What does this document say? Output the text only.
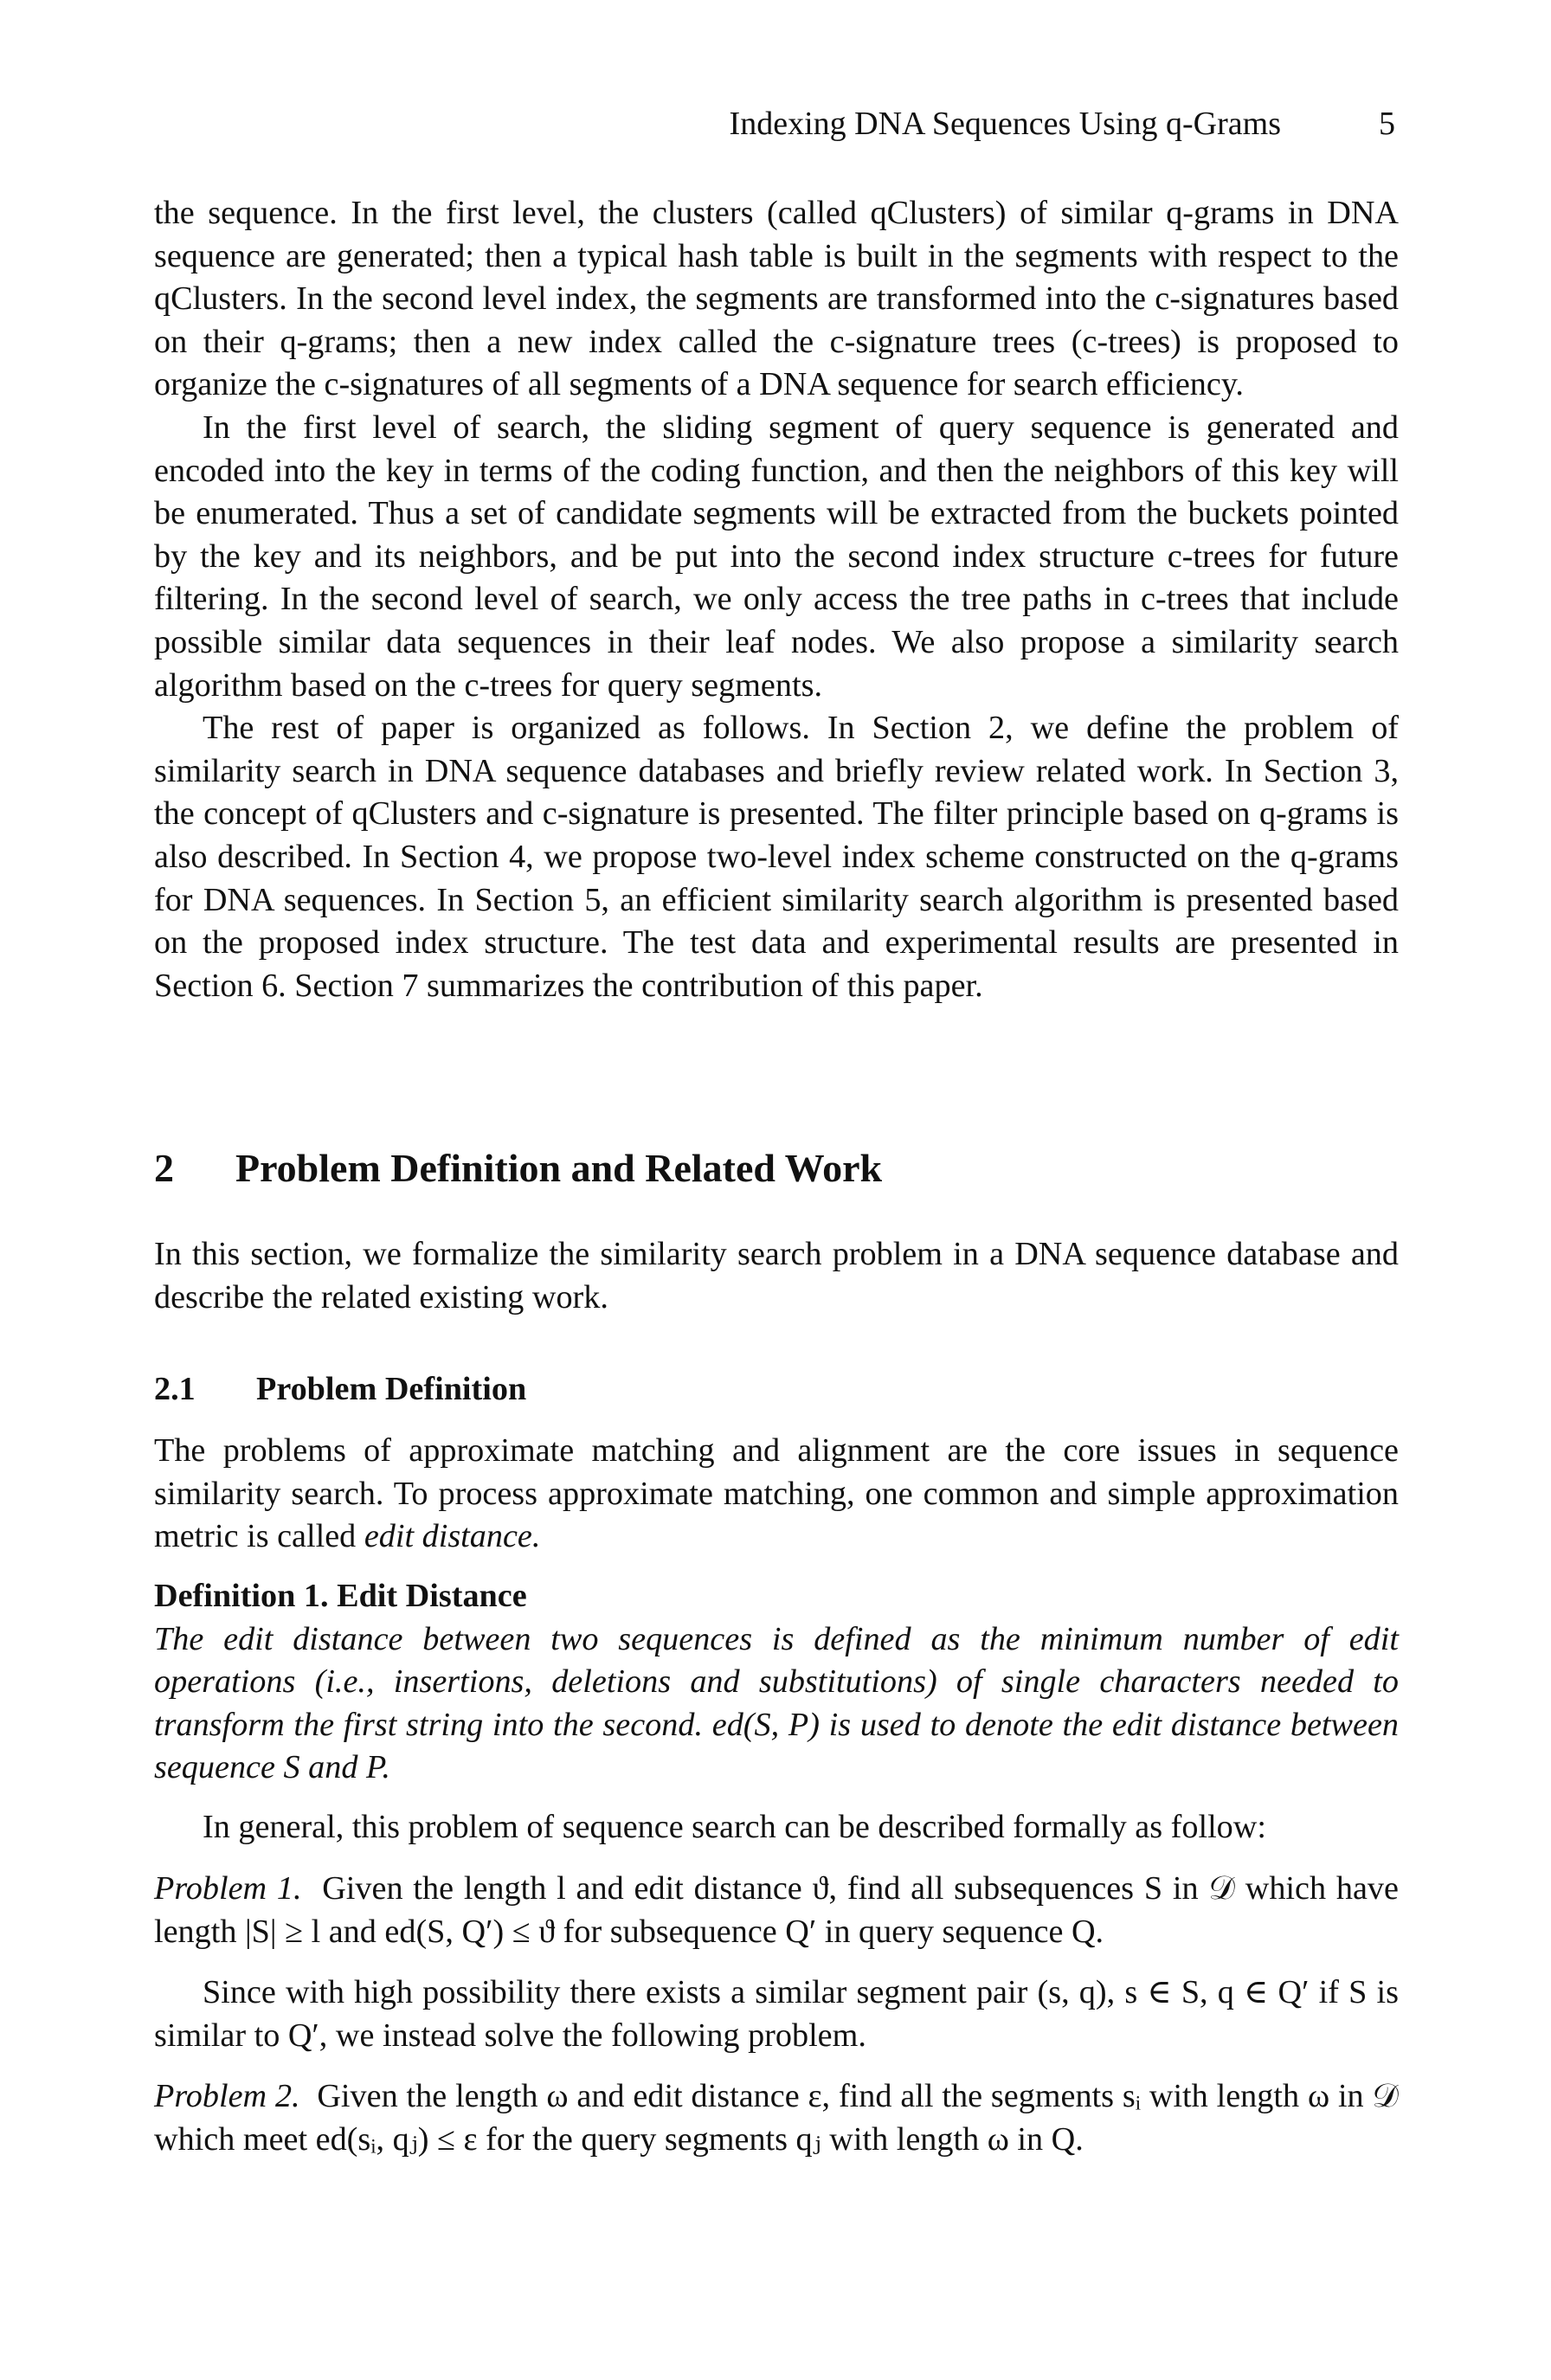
Indexing DNA Sequences Using q-Grams	5

the sequence. In the first level, the clusters (called qClusters) of similar q-grams in DNA sequence are generated; then a typical hash table is built in the segments with respect to the qClusters. In the second level index, the segments are transformed into the c-signatures based on their q-grams; then a new index called the c-signature trees (c-trees) is proposed to organize the c-signatures of all segments of a DNA sequence for search efficiency.

In the first level of search, the sliding segment of query sequence is generated and encoded into the key in terms of the coding function, and then the neighbors of this key will be enumerated. Thus a set of candidate segments will be extracted from the buckets pointed by the key and its neighbors, and be put into the second index structure c-trees for future filtering. In the second level of search, we only access the tree paths in c-trees that include possible similar data sequences in their leaf nodes. We also propose a similarity search algorithm based on the c-trees for query segments.

The rest of paper is organized as follows. In Section 2, we define the problem of similarity search in DNA sequence databases and briefly review related work. In Section 3, the concept of qClusters and c-signature is presented. The filter principle based on q-grams is also described. In Section 4, we propose two-level index scheme constructed on the q-grams for DNA sequences. In Section 5, an efficient similarity search algorithm is presented based on the proposed index structure. The test data and experimental results are presented in Section 6. Section 7 summarizes the contribution of this paper.

2 Problem Definition and Related Work

In this section, we formalize the similarity search problem in a DNA sequence database and describe the related existing work.

2.1 Problem Definition

The problems of approximate matching and alignment are the core issues in sequence similarity search. To process approximate matching, one common and simple approximation metric is called edit distance.

Definition 1. Edit Distance

The edit distance between two sequences is defined as the minimum number of edit operations (i.e., insertions, deletions and substitutions) of single characters needed to transform the first string into the second. ed(S, P) is used to denote the edit distance between sequence S and P.

In general, this problem of sequence search can be described formally as follow:

Problem 1. Given the length l and edit distance ϑ, find all subsequences S in 𝒟 which have length |S| ≥ l and ed(S, Q′) ≤ ϑ for subsequence Q′ in query sequence Q.

Since with high possibility there exists a similar segment pair (s, q), s ∈ S, q ∈ Q′ if S is similar to Q′, we instead solve the following problem.

Problem 2. Given the length ω and edit distance ε, find all the segments sᵢ with length ω in 𝒟 which meet ed(sᵢ, qⱼ) ≤ ε for the query segments qⱼ with length ω in Q.
